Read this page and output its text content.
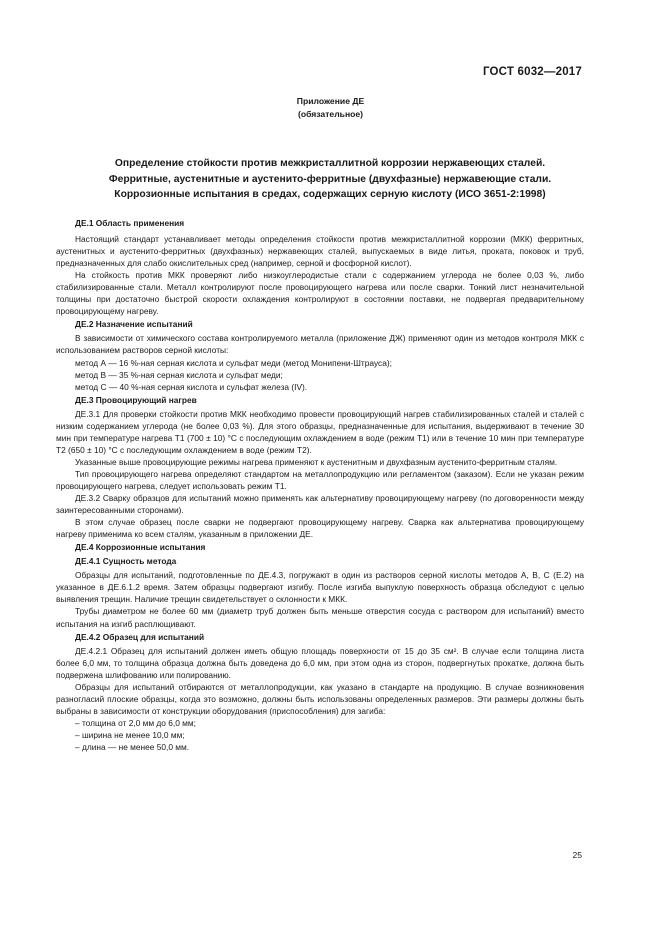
ГОСТ 6032—2017
Приложение ДЕ
(обязательное)
Определение стойкости против межкристаллитной коррозии нержавеющих сталей.
Ферритные, аустенитные и аустенито-ферритные (двухфазные) нержавеющие стали.
Коррозионные испытания в средах, содержащих серную кислоту (ИСО 3651-2:1998)

ДЕ.1 Область применения

Настоящий стандарт устанавливает методы определения стойкости против межкристаллитной коррозии (МКК) ферритных, аустенитных и аустенито-ферритных (двухфазных) нержавеющих сталей, выпускаемых в виде литья, проката, поковок и труб, предназначенных для слабо окислительных сред (например, серной и фосфорной кислот).

На стойкость против МКК проверяют либо низкоуглеродистые стали с содержанием углерода не более 0,03 %, либо стабилизированные стали. Металл контролируют после провоцирующего нагрева или после сварки. Тонкий лист незначительной толщины при достаточно быстрой скорости охлаждения контролируют в состоянии поставки, не подвергая предварительному провоцирующему нагреву.

ДЕ.2 Назначение испытаний

В зависимости от химического состава контролируемого металла (приложение ДЖ) применяют один из методов контроля МКК с использованием растворов серной кислоты:

метод А — 16 %-ная серная кислота и сульфат меди (метод Монипени-Штрауса);

метод В — 35 %-ная серная кислота и сульфат меди;

метод С — 40 %-ная серная кислота и сульфат железа (IV).

ДЕ.3 Провоцирующий нагрев

ДЕ.3.1 Для проверки стойкости против МКК необходимо провести провоцирующий нагрев стабилизированных сталей и сталей с низким содержанием углерода (не более 0,03 %). Для этого образцы, предназначенные для испытания, выдерживают в течение 30 мин при температуре нагрева T1 (700 ± 10) °C с последующим охлаждением в воде (режим T1) или в течение 10 мин при температуре T2 (650 ± 10) °C с последующим охлаждением в воде (режим T2).

Указанные выше провоцирующие режимы нагрева применяют к аустенитным и двухфазным аустенито-ферритным сталям.

Тип провоцирующего нагрева определяют стандартом на металлопродукцию или регламентом (заказом). Если не указан режим провоцирующего нагрева, следует использовать режим T1.

ДЕ.3.2 Сварку образцов для испытаний можно применять как альтернативу провоцирующему нагреву (по договоренности между заинтересованными сторонами).

В этом случае образец после сварки не подвергают провоцирующему нагреву. Сварка как альтернатива провоцирующему нагреву применима ко всем сталям, указанным в приложении ДЕ.

ДЕ.4 Коррозионные испытания

ДЕ.4.1 Сущность метода

Образцы для испытаний, подготовленные по ДЕ.4.3, погружают в один из растворов серной кислоты методов А, В, С (Е.2) на указанное в ДЕ.6.1.2 время. Затем образцы подвергают изгибу. После изгиба выпуклую поверхность образца обследуют с целью выявления трещин. Наличие трещин свидетельствует о склонности к МКК.

Трубы диаметром не более 60 мм (диаметр труб должен быть меньше отверстия сосуда с раствором для испытаний) вместо испытания на изгиб расплющивают.

ДЕ.4.2 Образец для испытаний

ДЕ.4.2.1 Образец для испытаний должен иметь общую площадь поверхности от 15 до 35 см². В случае если толщина листа более 6,0 мм, то толщина образца должна быть доведена до 6,0 мм, при этом одна из сторон, подвергнутых прокатке, должна быть подвержена шлифованию или полированию.

Образцы для испытаний отбираются от металлопродукции, как указано в стандарте на продукцию. В случае возникновения разногласий плоские образцы, когда это возможно, должны быть использованы определенных размеров. Эти размеры должны быть выбраны в зависимости от конструкции оборудования (приспособления) для загиба:

– толщина от 2,0 мм до 6,0 мм;

– ширина не менее 10,0 мм;

– длина — не менее 50,0 мм.

25
